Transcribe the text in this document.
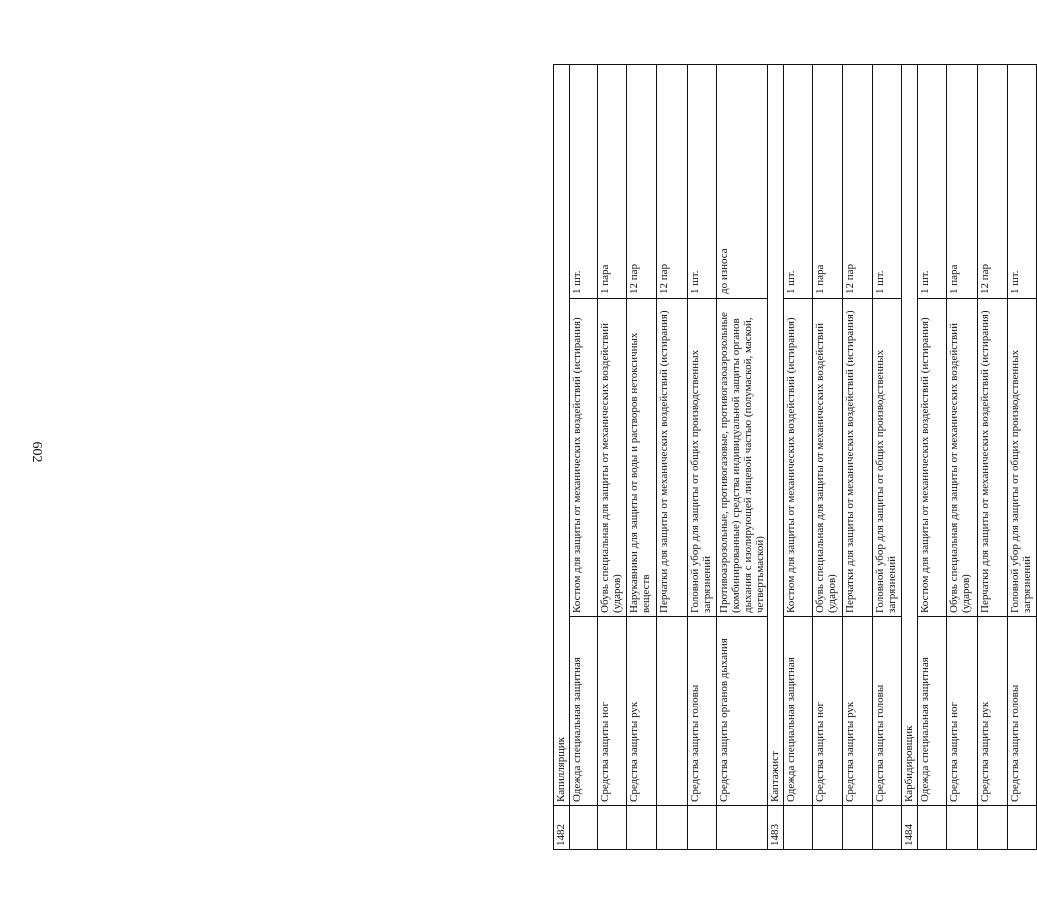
602
1482	Капиллярщик		
	Одежда специальная защитная	Костюм для защиты от механических воздействий (истирания)	1 шт.
	Средства защиты ног	Обувь специальная для защиты от механических воздействий (ударов)	1 пара
	Средства защиты рук	Нарукавники для защиты от воды и растворов нетоксичных веществ	12 пар
		Перчатки для защиты от механических воздействий (истирания)	12 пар
	Средства защиты головы	Головной убор для защиты от общих производственных загрязнений	1 шт.
	Средства защиты органов дыхания	Противоаэрозольные, противогазовые, противогазоаэрозольные (комбинированные) средства индивидуальной защиты органов дыхания с изолирующей лицевой частью (полумаской, маской, четвертьмаской)	до износа
1483	Каптажист		
	Одежда специальная защитная	Костюм для защиты от механических воздействий (истирания)	1 шт.
	Средства защиты ног	Обувь специальная для защиты от механических воздействий (ударов)	1 пара
	Средства защиты рук	Перчатки для защиты от механических воздействий (истирания)	12 пар
	Средства защиты головы	Головной убор для защиты от общих производственных загрязнений	1 шт.
1484	Карбидировщик		
	Одежда специальная защитная	Костюм для защиты от механических воздействий (истирания)	1 шт.
	Средства защиты ног	Обувь специальная для защиты от механических воздействий (ударов)	1 пара
	Средства защиты рук	Перчатки для защиты от механических воздействий (истирания)	12 пар
	Средства защиты головы	Головной убор для защиты от общих производственных загрязнений	1 шт.
